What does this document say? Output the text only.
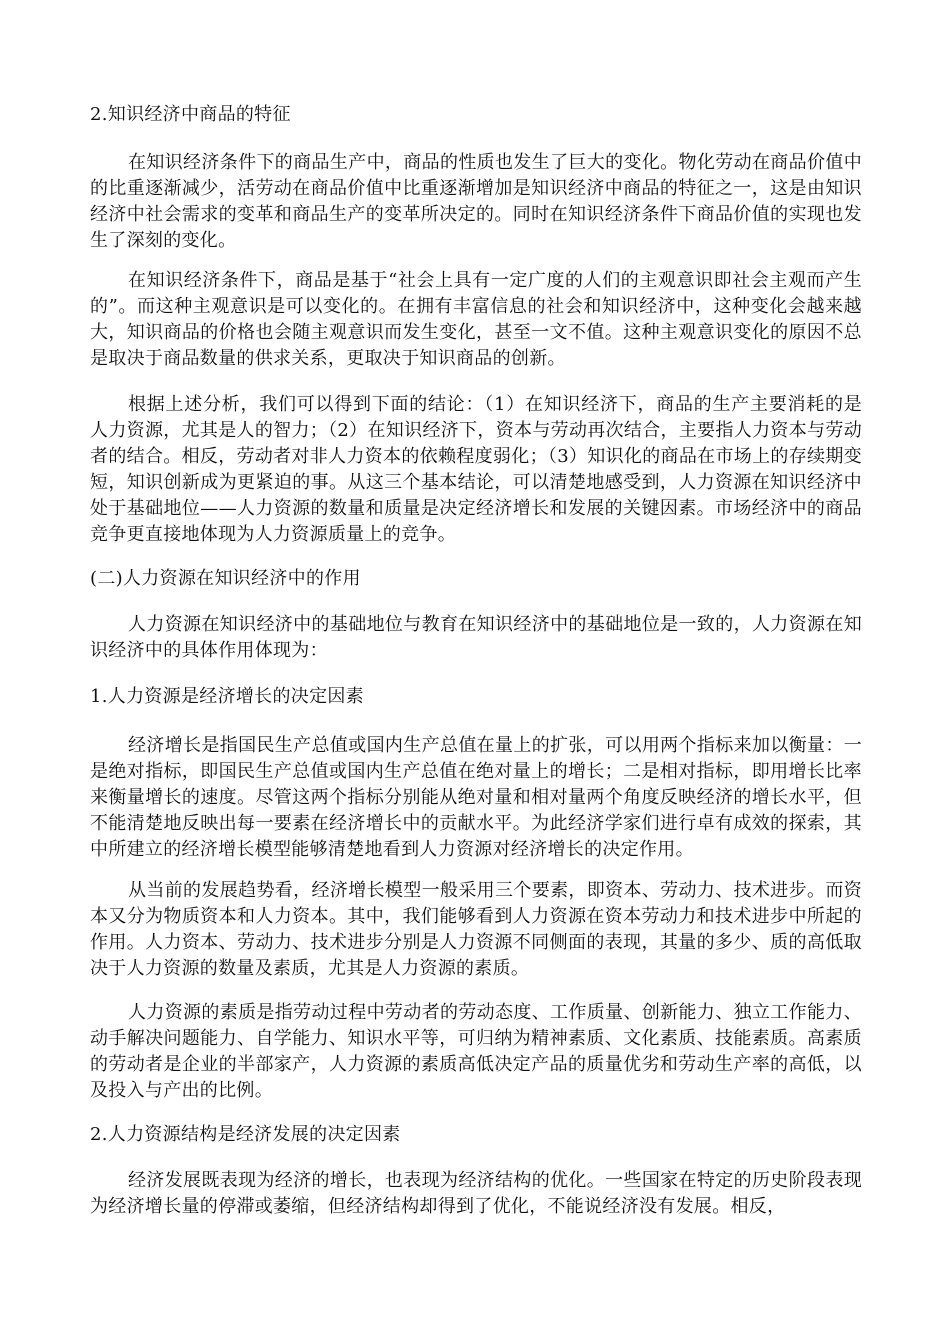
2.知识经济中商品的特征

在知识经济条件下的商品生产中，商品的性质也发生了巨大的变化。物化劳动在商品价值中的比重逐渐减少，活劳动在商品价值中比重逐渐增加是知识经济中商品的特征之一，这是由知识经济中社会需求的变革和商品生产的变革所决定的。同时在知识经济条件下商品价值的实现也发生了深刻的变化。

在知识经济条件下，商品是基于“社会上具有一定广度的人们的主观意识即社会主观而产生的”。而这种主观意识是可以变化的。在拥有丰富信息的社会和知识经济中，这种变化会越来越大，知识商品的价格也会随主观意识而发生变化，甚至一文不值。这种主观意识变化的原因不总是取决于商品数量的供求关系，更取决于知识商品的创新。

根据上述分析，我们可以得到下面的结论：（1）在知识经济下，商品的生产主要消耗的是人力资源，尤其是人的智力；（2）在知识经济下，资本与劳动再次结合，主要指人力资本与劳动者的结合。相反，劳动者对非人力资本的依赖程度弱化；（3）知识化的商品在市场上的存续期变短，知识创新成为更紧迫的事。从这三个基本结论，可以清楚地感受到，人力资源在知识经济中处于基础地位——人力资源的数量和质量是决定经济增长和发展的关键因素。市场经济中的商品竞争更直接地体现为人力资源质量上的竞争。

(二)人力资源在知识经济中的作用

人力资源在知识经济中的基础地位与教育在知识经济中的基础地位是一致的，人力资源在知识经济中的具体作用体现为：

1.人力资源是经济增长的决定因素

经济增长是指国民生产总值或国内生产总值在量上的扩张，可以用两个指标来加以衡量：一是绝对指标，即国民生产总值或国内生产总值在绝对量上的增长；二是相对指标，即用增长比率来衡量增长的速度。尽管这两个指标分别能从绝对量和相对量两个角度反映经济的增长水平，但不能清楚地反映出每一要素在经济增长中的贡献水平。为此经济学家们进行卓有成效的探索，其中所建立的经济增长模型能够清楚地看到人力资源对经济增长的决定作用。

从当前的发展趋势看，经济增长模型一般采用三个要素，即资本、劳动力、技术进步。而资本又分为物质资本和人力资本。其中，我们能够看到人力资源在资本劳动力和技术进步中所起的作用。人力资本、劳动力、技术进步分别是人力资源不同侧面的表现，其量的多少、质的高低取决于人力资源的数量及素质，尤其是人力资源的素质。

人力资源的素质是指劳动过程中劳动者的劳动态度、工作质量、创新能力、独立工作能力、动手解决问题能力、自学能力、知识水平等，可归纳为精神素质、文化素质、技能素质。高素质的劳动者是企业的半部家产，人力资源的素质高低决定产品的质量优劣和劳动生产率的高低，以及投入与产出的比例。

2.人力资源结构是经济发展的决定因素

经济发展既表现为经济的增长，也表现为经济结构的优化。一些国家在特定的历史阶段表现为经济增长量的停滞或萎缩，但经济结构却得到了优化，不能说经济没有发展。相反，
